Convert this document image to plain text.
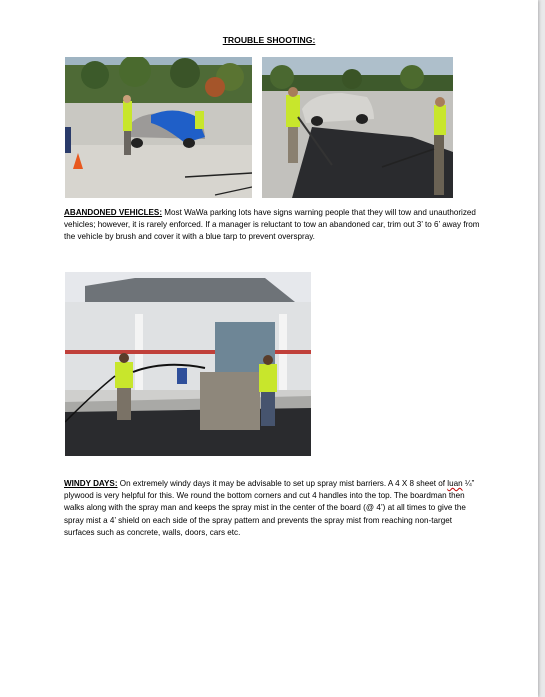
TROUBLE SHOOTING:

ABANDONED VEHICLES: Most WaWa parking lots have signs warning people that they will tow and unauthorized vehicles; however, it is rarely enforced. If a manager is reluctant to tow an abandoned car, trim out 3’ to 6’ away from the vehicle by brush and cover it with a blue tarp to prevent overspray.

WINDY DAYS: On extremely windy days it may be advisable to set up spray mist barriers. A 4 X 8 sheet of luan ¼” plywood is very helpful for this. We round the bottom corners and cut 4 handles into the top. The boardman then walks along with the spray man and keeps the spray mist in the center of the board (@ 4’) at all times to give the spray mist a 4’ shield on each side of the spray pattern and prevents the spray mist from reaching non-target surfaces such as concrete, walls, doors, cars etc.
